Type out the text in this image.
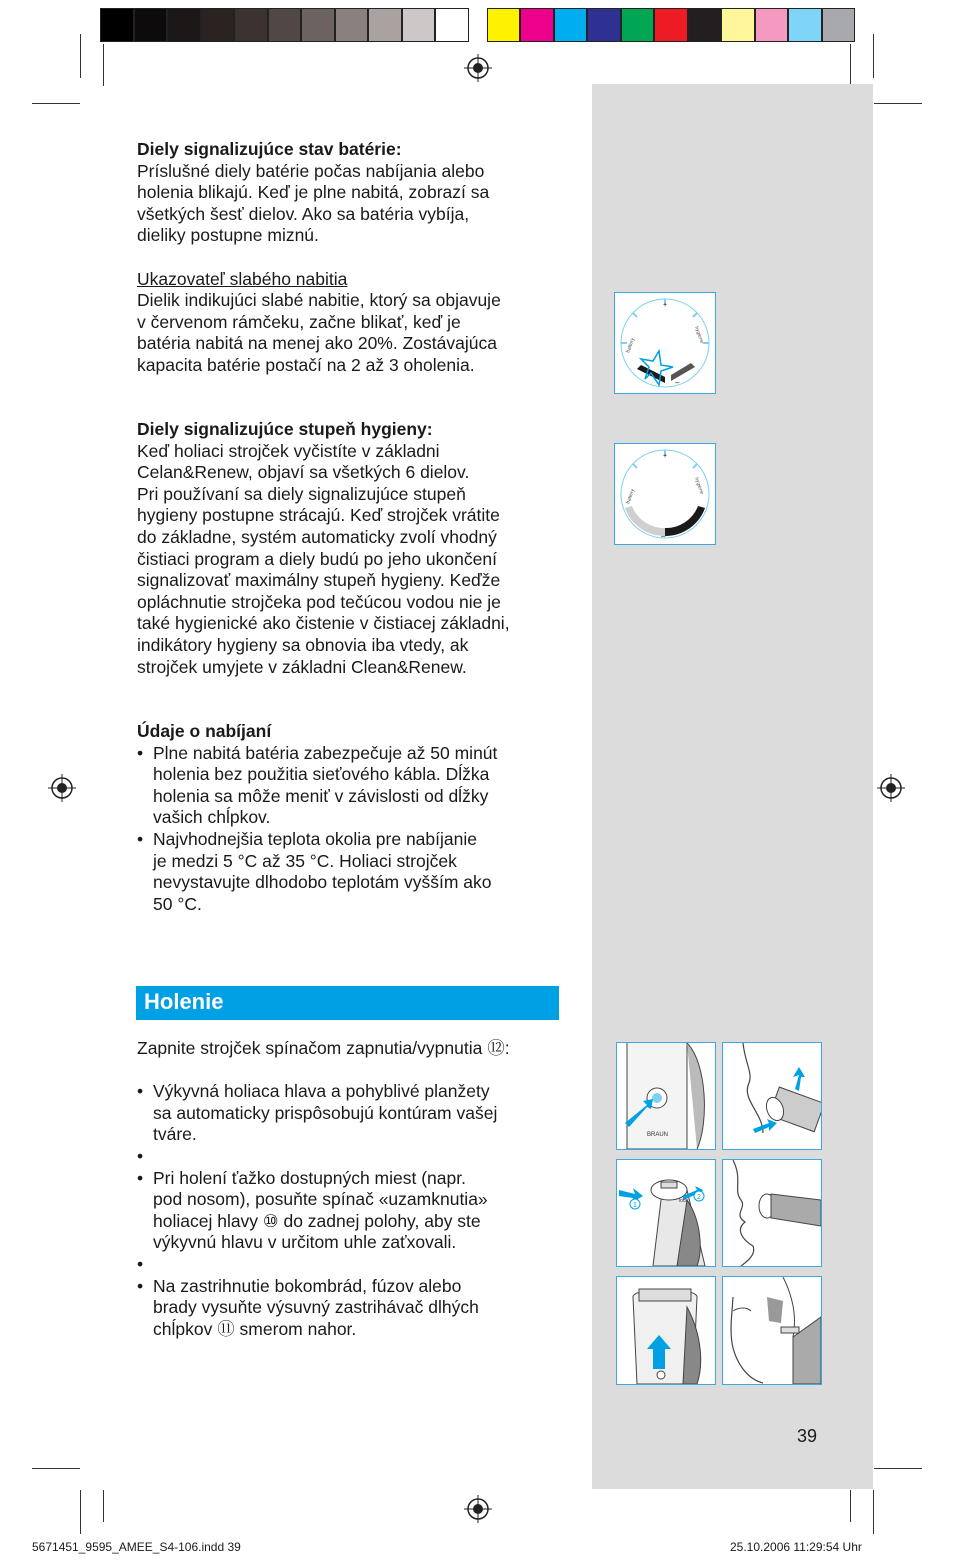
Diely signalizujúce stav batérie:
Príslušné diely batérie počas nabíjania alebo
holenia blikajú. Keď je plne nabitá, zobrazí sa
všetkých šesť dielov. Ako sa batéria vybíja,
dieliky postupne miznú.
Ukazovateľ slabého nabitia
Dielik indikujúci slabé nabitie, ktorý sa objavuje
v červenom rámčeku, začne blikať, keď je
batéria nabitá na menej ako 20%. Zostávajúca
kapacita batérie postačí na 2 až 3 oholenia.
Diely signalizujúce stupeň hygieny:
Keď holiaci strojček vyčistíte v základni
Celan&Renew, objaví sa všetkých 6 dielov.
Pri používaní sa diely signalizujúce stupeň
hygieny postupne strácajú. Keď strojček vrátite
do základne, systém automaticky zvolí vhodný
čistiaci program a diely budú po jeho ukončení
signalizovať maximálny stupeň hygieny. Keďže
opláchnutie strojčeka pod tečúcou vodou nie je
také hygienické ako čistenie v čistiacej základni,
indikátory hygieny sa obnovia iba vtedy, ak
strojček umyjete v základni Clean&Renew.
Údaje o nabíjaní
• Plne nabitá batéria zabezpečuje až 50 minút
holenia bez použitia sieťového kábla. Dĺžka
holenia sa môže meniť v závislosti od dĺžky
vašich chĺpkov.
• Najvhodnejšia teplota okolia pre nabíjanie
je medzi 5 °C až 35 °C. Holiaci strojček
nevystavujte dlhodobo teplotám vyšším ako
50 °C.
Holenie
Zapnite strojček spínačom zapnutia/vypnutia ⑫:
• Výkyvná holiaca hlava a pohyblivé planžety
sa automaticky prispôsobujú kontúram vašej
tváre.
•
• Pri holení ťažko dostupných miest (napr.
pod nosom), posuňte spínač «uzamknutia»
holiacej hlavy ⑩ do zadnej polohy, aby ste
výkyvnú hlavu v určitom uhle zaťxovali.
•
• Na zastrihnutie bokombrád, fúzov alebo
brady vysuňte výsuvný zastrihávač dlhých
chĺpkov ⑪ smerom nahor.
+
–
battery
hygiene
+
–
battery
hygiene
BRAUN
1
2
lock
39
5671451_9595_AMEE_S4-106.indd 39	25.10.2006 11:29:54 Uhr
